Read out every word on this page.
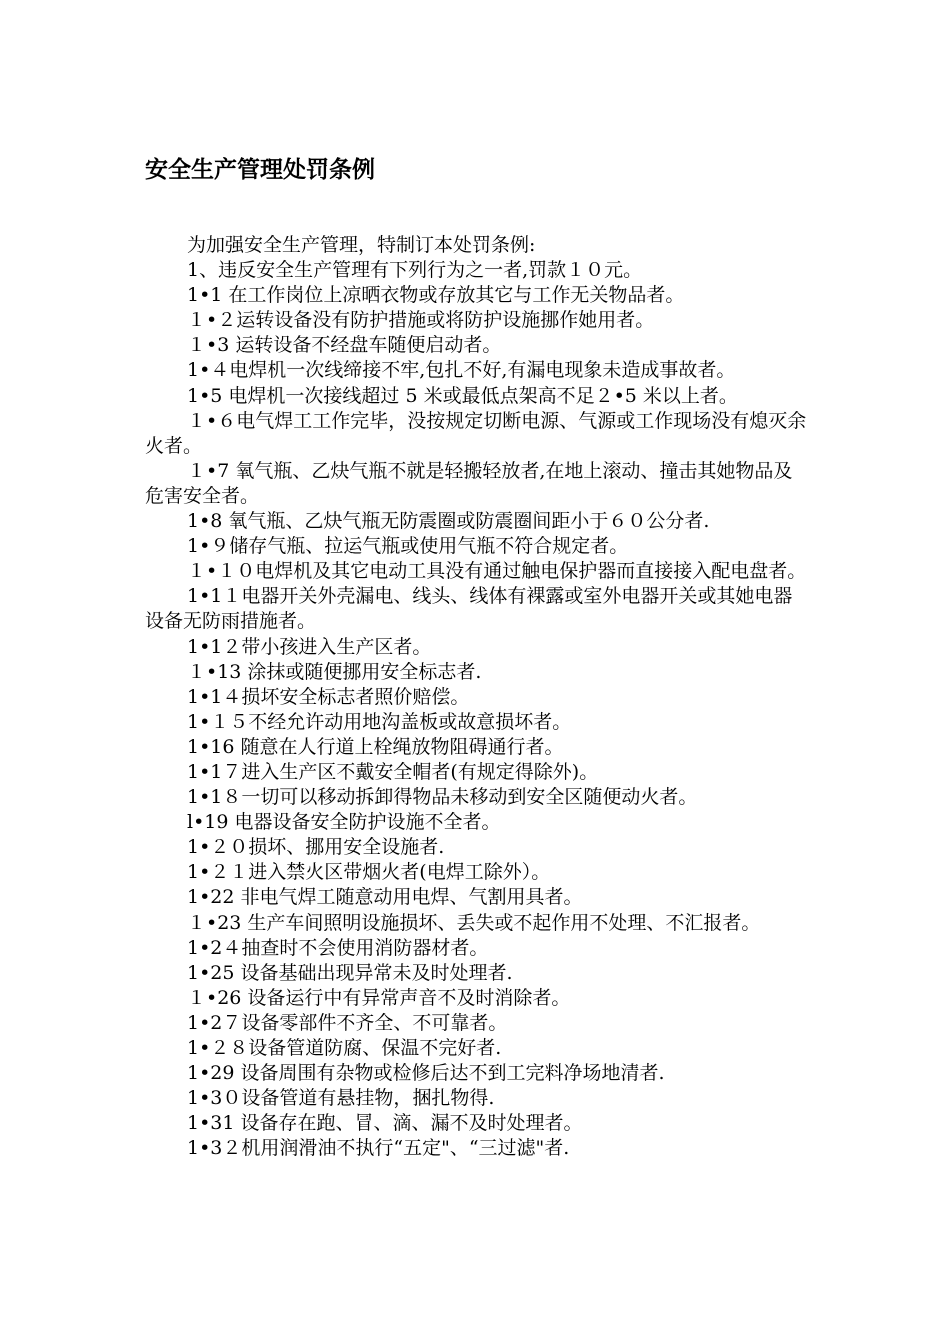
安全生产管理处罚条例

为加强安全生产管理，特制订本处罚条例:

1、违反安全生产管理有下列行为之一者,罚款１０元。

1•1 在工作岗位上凉晒衣物或存放其它与工作无关物品者。

１•２运转设备没有防护措施或将防护设施挪作她用者。

１•3 运转设备不经盘车随便启动者。

1•４电焊机一次线缔接不牢,包扎不好,有漏电现象未造成事故者。

1•5 电焊机一次接线超过 5 米或最低点架高不足２•5 米以上者。

１•６电气焊工工作完毕，没按规定切断电源、气源或工作现场没有熄灭余火者。

１•7 氧气瓶、乙炔气瓶不就是轻搬轻放者,在地上滚动、撞击其她物品及危害安全者。

1•8 氧气瓶、乙炔气瓶无防震圈或防震圈间距小于６０公分者.

1•９储存气瓶、拉运气瓶或使用气瓶不符合规定者。

１•１０电焊机及其它电动工具没有通过触电保护器而直接接入配电盘者。

1•1１电器开关外壳漏电、线头、线体有裸露或室外电器开关或其她电器设备无防雨措施者。

1•1２带小孩进入生产区者。

１•13 涂抹或随便挪用安全标志者.

1•1４损坏安全标志者照价赔偿。

1•１５不经允许动用地沟盖板或故意损坏者。

1•16 随意在人行道上栓绳放物阻碍通行者。

1•1７进入生产区不戴安全帽者(有规定得除外)。

1•1８一切可以移动拆卸得物品未移动到安全区随便动火者。

l•19 电器设备安全防护设施不全者。

1•２０损坏、挪用安全设施者.

1•２１进入禁火区带烟火者(电焊工除外）。

1•22 非电气焊工随意动用电焊、气割用具者。

１•23 生产车间照明设施损坏、丢失或不起作用不处理、不汇报者。

1•2４抽查时不会使用消防器材者。

1•25 设备基础出现异常未及时处理者.

１•26 设备运行中有异常声音不及时消除者。

1•2７设备零部件不齐全、不可靠者。

1•２８设备管道防腐、保温不完好者.

1•29 设备周围有杂物或检修后达不到工完料净场地清者.

1•3０设备管道有悬挂物，捆扎物得.

1•31 设备存在跑、冒、滴、漏不及时处理者。

1•3２机用润滑油不执行“五定"、“三过滤"者.
